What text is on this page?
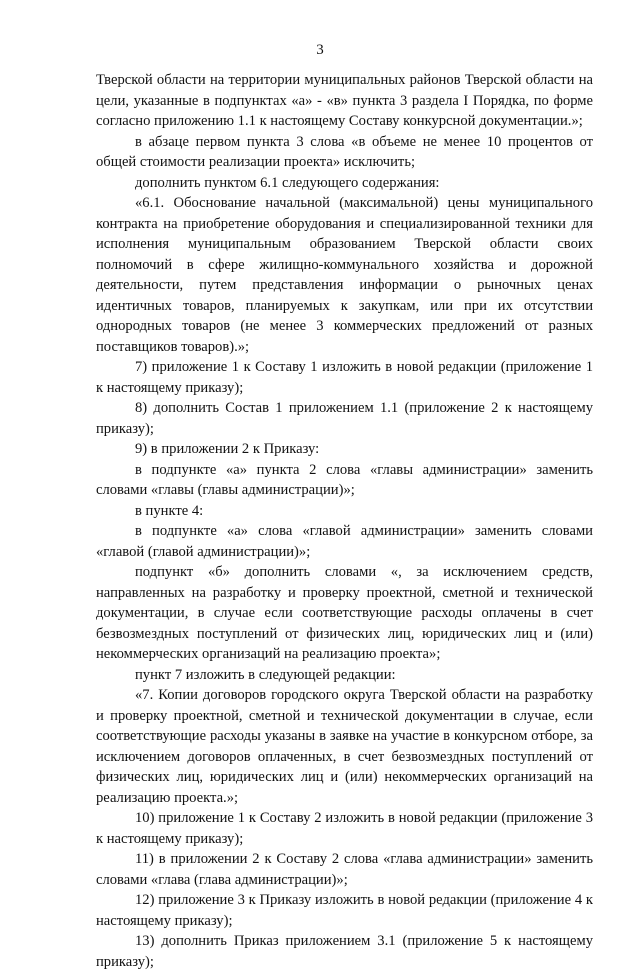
3

Тверской области на территории муниципальных районов Тверской области на цели, указанные в подпунктах «а» - «в» пункта 3 раздела I Порядка, по форме согласно приложению 1.1 к настоящему Составу конкурсной документации.»;

в абзаце первом пункта 3 слова «в объеме не менее 10 процентов от общей стоимости реализации проекта» исключить;

дополнить пунктом 6.1 следующего содержания:

«6.1. Обоснование начальной (максимальной) цены муниципального контракта на приобретение оборудования и специализированной техники для исполнения муниципальным образованием Тверской области своих полномочий в сфере жилищно-коммунального хозяйства и дорожной деятельности, путем представления информации о рыночных ценах идентичных товаров, планируемых к закупкам, или при их отсутствии однородных товаров (не менее 3 коммерческих предложений от разных поставщиков товаров).»;

7) приложение 1 к Составу 1 изложить в новой редакции (приложение 1 к настоящему приказу);

8) дополнить Состав 1 приложением 1.1 (приложение 2 к настоящему приказу);

9) в приложении 2 к Приказу:

в подпункте «а» пункта 2 слова «главы администрации» заменить словами «главы (главы администрации)»;

в пункте 4:

в подпункте «а» слова «главой администрации» заменить словами «главой (главой администрации)»;

подпункт «б» дополнить словами «, за исключением средств, направленных на разработку и проверку проектной, сметной и технической документации, в случае если соответствующие расходы оплачены в счет безвозмездных поступлений от физических лиц, юридических лиц и (или) некоммерческих организаций на реализацию проекта»;

пункт 7 изложить в следующей редакции:

«7. Копии договоров городского округа Тверской области на разработку и проверку проектной, сметной и технической документации в случае, если соответствующие расходы указаны в заявке на участие в конкурсном отборе, за исключением договоров оплаченных, в счет безвозмездных поступлений от физических лиц, юридических лиц и (или) некоммерческих организаций на реализацию проекта.»;

10) приложение 1 к Составу 2 изложить в новой редакции (приложение 3 к настоящему приказу);

11) в приложении 2 к Составу 2 слова «глава администрации» заменить словами «глава (глава администрации)»;

12) приложение 3 к Приказу изложить в новой редакции (приложение 4 к настоящему приказу);

13) дополнить Приказ приложением 3.1 (приложение 5 к настоящему приказу);
